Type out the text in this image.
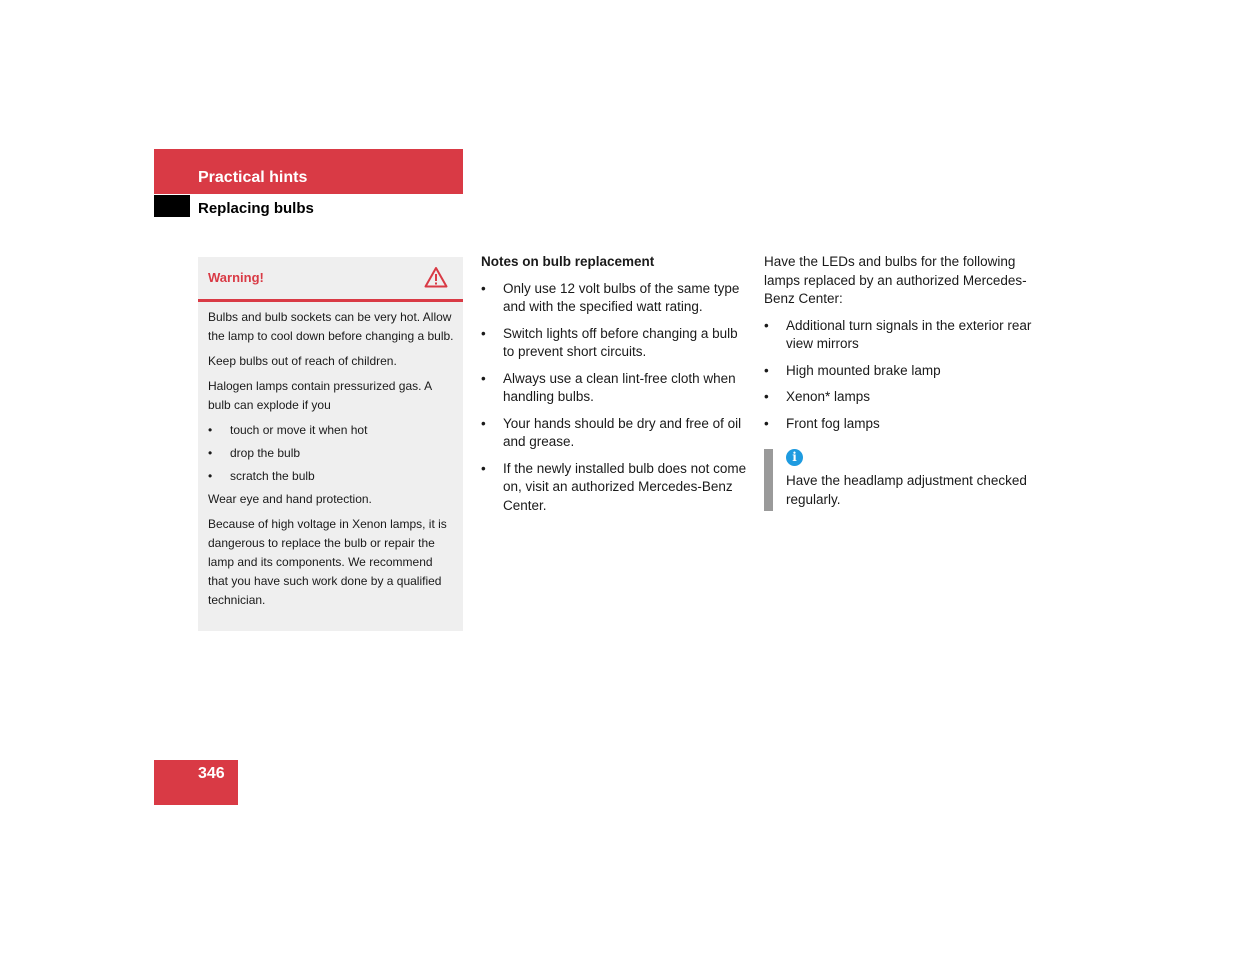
Practical hints
Replacing bulbs
Warning!

Bulbs and bulb sockets can be very hot. Allow the lamp to cool down before changing a bulb.

Keep bulbs out of reach of children.

Halogen lamps contain pressurized gas. A bulb can explode if you

• touch or move it when hot
• drop the bulb
• scratch the bulb

Wear eye and hand protection.

Because of high voltage in Xenon lamps, it is dangerous to replace the bulb or repair the lamp and its components. We recommend that you have such work done by a qualified technician.

Notes on bulb replacement
• Only use 12 volt bulbs of the same type and with the specified watt rating.
• Switch lights off before changing a bulb to prevent short circuits.
• Always use a clean lint-free cloth when handling bulbs.
• Your hands should be dry and free of oil and grease.
• If the newly installed bulb does not come on, visit an authorized Mercedes-Benz Center.

Have the LEDs and bulbs for the following lamps replaced by an authorized Mercedes-Benz Center:

• Additional turn signals in the exterior rear view mirrors
• High mounted brake lamp
• Xenon* lamps
• Front fog lamps
i
Have the headlamp adjustment checked regularly.
346
